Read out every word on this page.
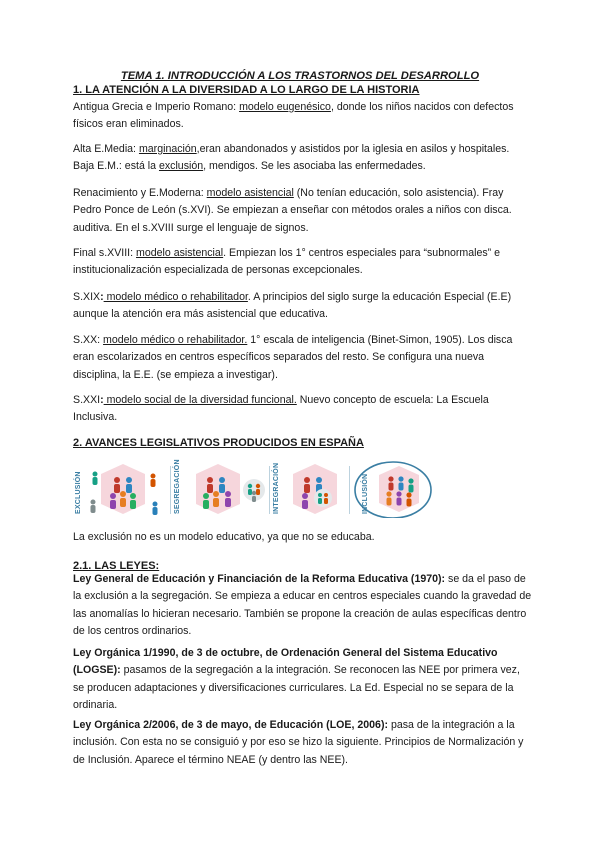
TEMA 1. INTRODUCCIÓN A LOS TRASTORNOS DEL DESARROLLO
1. LA ATENCIÓN A LA DIVERSIDAD A LO LARGO DE LA HISTORIA
Antigua Grecia e Imperio Romano: modelo eugenésico, donde los niños nacidos con defectos físicos eran eliminados.
Alta E.Media: marginación,eran abandonados y asistidos por la iglesia en asilos y hospitales. Baja E.M.: está la exclusión, mendigos. Se les asociaba las enfermedades.
Renacimiento y E.Moderna: modelo asistencial (No tenían educación, solo asistencia). Fray Pedro Ponce de León (s.XVI). Se empiezan a enseñar con métodos orales a niños con disca. auditiva. En el s.XVIII surge el lenguaje de signos.
Final s.XVIII: modelo asistencial. Empiezan los 1° centros especiales para “subnormales” e institucionalización especializada de personas excepcionales.
S.XIX: modelo médico o rehabilitador. A principios del siglo surge la educación Especial (E.E) aunque la atención era más asistencial que educativa.
S.XX: modelo médico o rehabilitador. 1° escala de inteligencia (Binet-Simon, 1905). Los disca eran escolarizados en centros específicos separados del resto. Se configura una nueva disciplina, la E.E. (se empieza a investigar).
S.XXI: modelo social de la diversidad funcional. Nuevo concepto de escuela: La Escuela Inclusiva.
2. AVANCES LEGISLATIVOS PRODUCIDOS EN ESPAÑA
EXCLUSIÓN	SEGREGACIÓN	INTEGRACIÓN	INCLUSIÓN
La exclusión no es un modelo educativo, ya que no se educaba.
2.1. LAS LEYES:
Ley General de Educación y Financiación de la Reforma Educativa (1970): se da el paso de la exclusión a la segregación. Se empieza a educar en centros especiales cuando la gravedad de las anomalías lo hicieran necesario. También se propone la creación de aulas específicas dentro de los centros ordinarios.
Ley Orgánica 1/1990, de 3 de octubre, de Ordenación General del Sistema Educativo (LOGSE): pasamos de la segregación a la integración. Se reconocen las NEE por primera vez, se producen adaptaciones y diversificaciones curriculares. La Ed. Especial no se separa de la ordinaria.
Ley Orgánica 2/2006, de 3 de mayo, de Educación (LOE, 2006): pasa de la integración a la inclusión. Con esta no se consiguió y por eso se hizo la siguiente. Principios de Normalización y de Inclusión. Aparece el término NEAE (y dentro las NEE).
